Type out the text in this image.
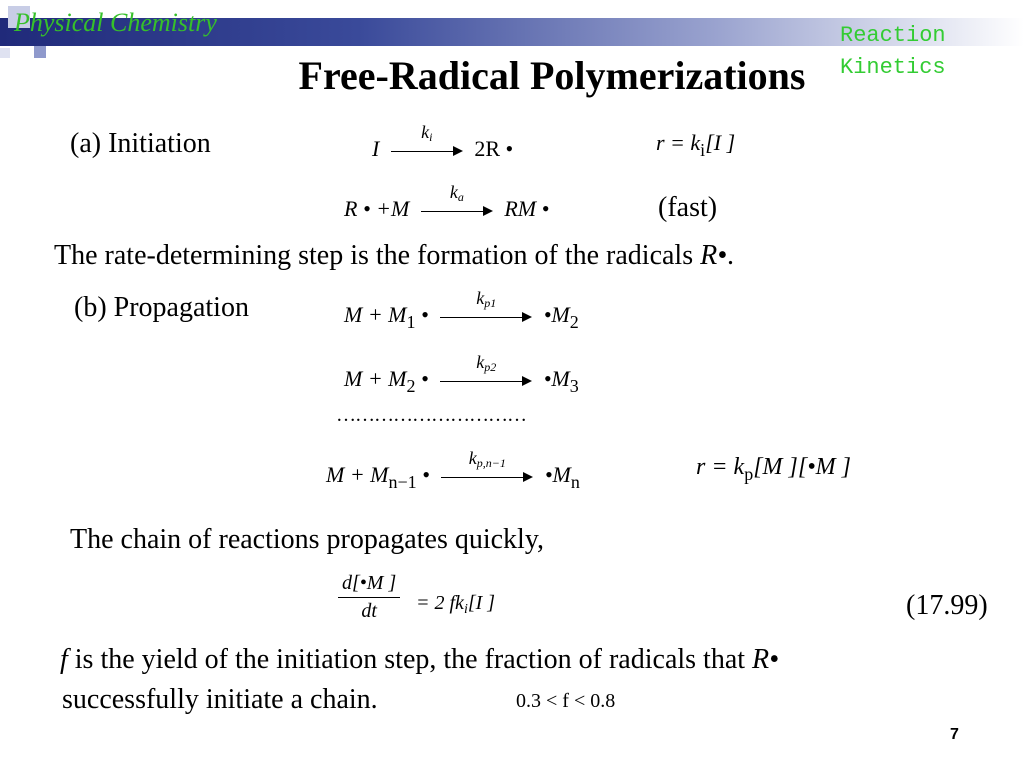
Physical Chemistry	Reaction
Kinetics
Free-Radical Polymerizations
(a) Initiation	I
$k_i$	2R •	$r = k_i[I$ ]
R • +M
$k_a$	RM •	(fast)
The rate-determining step is the formation of the radicals R•.
(b) Propagation	$M + M_1$ •
$k_{p1}$	$•M_2$
$M + M_2$ •
$k_{p2}$	$•M_3$
…………………………
$M + M_{n-1}$ •
$k_{p,n-1}$	$•M_n$
$r = k_p[M$ ][•M ]
The chain of reactions propagates quickly,
d[•M ]
dt	= 2 $fk_i[I$ ]	(17.99)
f is the yield of the initiation step, the fraction of radicals that R•
successfully initiate a chain.	0.3 < f < 0.8
7
